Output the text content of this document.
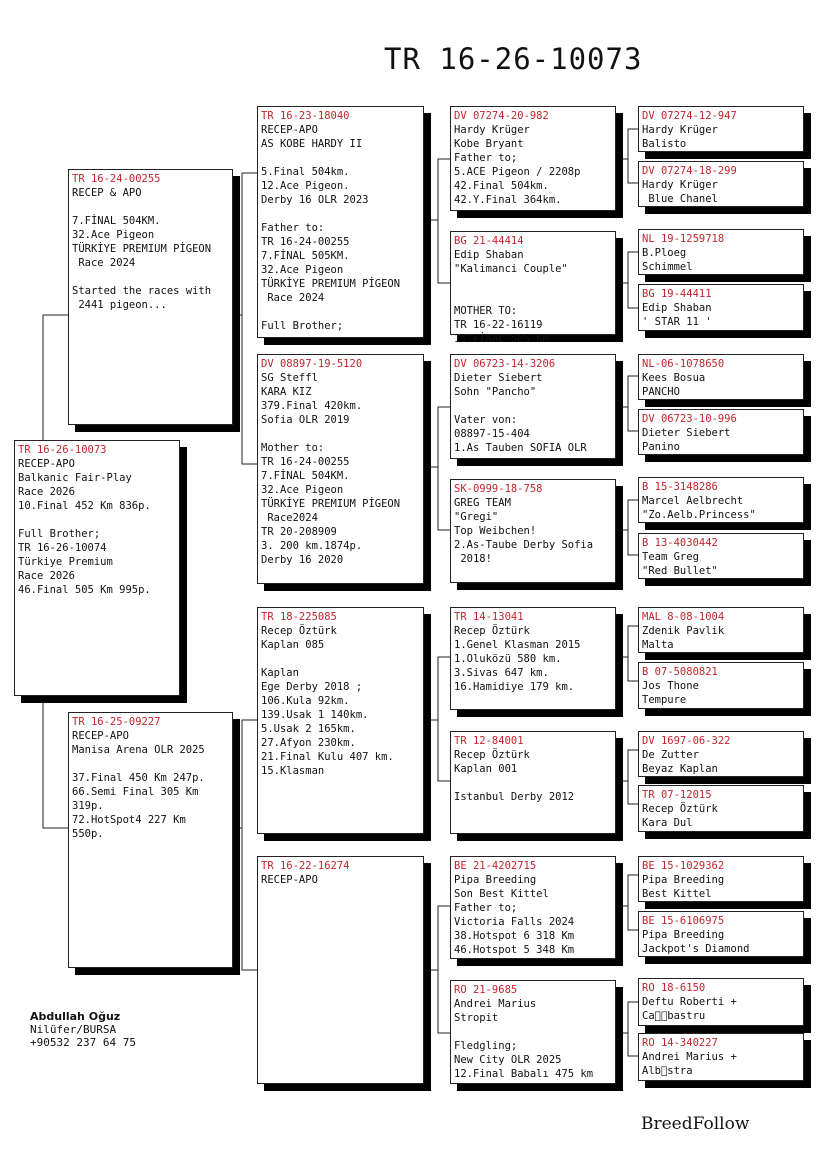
TR 16-26-10073
TR 16-26-10073
RECEP-APO
Balkanic Fair-Play
Race 2026
10.Final 452 Km 836p.

Full Brother;
TR 16-26-10074
Türkiye Premium
Race 2026
46.Final 505 Km 995p.
TR 16-24-00255
RECEP & APO

7.FİNAL 504KM.
32.Ace Pigeon
TÜRKİYE PREMIUM PİGEON
Race 2024

Started the races with
2441 pigeon...
TR 16-25-09227
RECEP-APO
Manisa Arena OLR 2025

37.Final 450 Km 247p.
66.Semi Final 305 Km
319p.
72.HotSpot4 227 Km
550p.
TR 16-23-18040
RECEP-APO
AS KOBE HARDY II

5.Final 504km.
12.Ace Pigeon.
Derby 16 OLR 2023

Father to:
TR 16-24-00255
7.FİNAL 505KM.
32.Ace Pigeon
TÜRKİYE PREMIUM PİGEON
Race 2024

Full Brother;
DV 08897-19-5120
SG Steffl
KARA KIZ
379.Final 420km.
Sofia OLR 2019

Mother to:
TR 16-24-00255
7.FİNAL 504KM.
32.Ace Pigeon
TÜRKİYE PREMIUM PİGEON
Race2024
TR 20-208909
3. 200 km.1874p.
Derby 16 2020
TR 18-225085
Recep Öztürk
Kaplan 085

Kaplan
Ege Derby 2018 ;
106.Kula 92km.
139.Usak 1 140km.
5.Usak 2 165km.
27.Afyon 230km.
21.Final Kulu 407 km.
15.Klasman
TR 16-22-16274
RECEP-APO
DV 07274-20-982
Hardy Krüger
Kobe Bryant
Father to;
5.ACE Pigeon / 2208p
42.Final 504km.
42.Y.Final 364km.
BG 21-44414
Edip Shaban
"Kalimanci Couple"

MOTHER TO:
TR 16-22-16119
11.FİNAL 505 KM
DV 06723-14-3206
Dieter Siebert
Sohn "Pancho"

Vater von:
08897-15-404
1.As Tauben SOFIA OLR
SK-0999-18-758
GREG TEAM
"Gregi"
Top Weibchen!
2.As-Taube Derby Sofia
2018!
TR 14-13041
Recep Öztürk
1.Genel Klasman 2015
1.Oluközü 580 km.
3.Sivas 647 km.
16.Hamidiye 179 km.
TR 12-84001
Recep Öztürk
Kaplan 001

Istanbul Derby 2012
BE 21-4202715
Pipa Breeding
Son Best Kittel
Father to;
Victoria Falls 2024
38.Hotspot 6 318 Km
46.Hotspot 5 348 Km
RO 21-9685
Andrei Marius
Stropit

Fledgling;
New City OLR 2025
12.Final Babalı 475 km
DV 07274-12-947
Hardy Krüger
Balisto
DV 07274-18-299
Hardy Krüger
Blue Chanel
NL 19-1259718
B.Ploeg
Schimmel
BG 19-44411
Edip Shaban
' STAR 11 '
NL-06-1078650
Kees Bosua
PANCHO
DV 06723-10-996
Dieter Siebert
Panino
B 15-3148286
Marcel Aelbrecht
"Zo.Aelb.Princess"
B 13-4030442
Team Greg
"Red Bullet"
MAL 8-08-1004
Zdenik Pavlik
Malta
B 07-5080821
Jos Thone
Tempure
DV 1697-06-322
De Zutter
Beyaz Kaplan
TR 07-12015
Recep Öztürk
Kara Dul
BE 15-1029362
Pipa Breeding
Best Kittel
BE 15-6106975
Pipa Breeding
Jackpot's Diamond
RO 18-6150
Deftu Roberti +
Ca  bastru
RO 14-340227
Andrei Marius +
Alb stra
Abdullah Oğuz
Nilüfer/BURSA
+90532 237 64 75
BreedFollow
